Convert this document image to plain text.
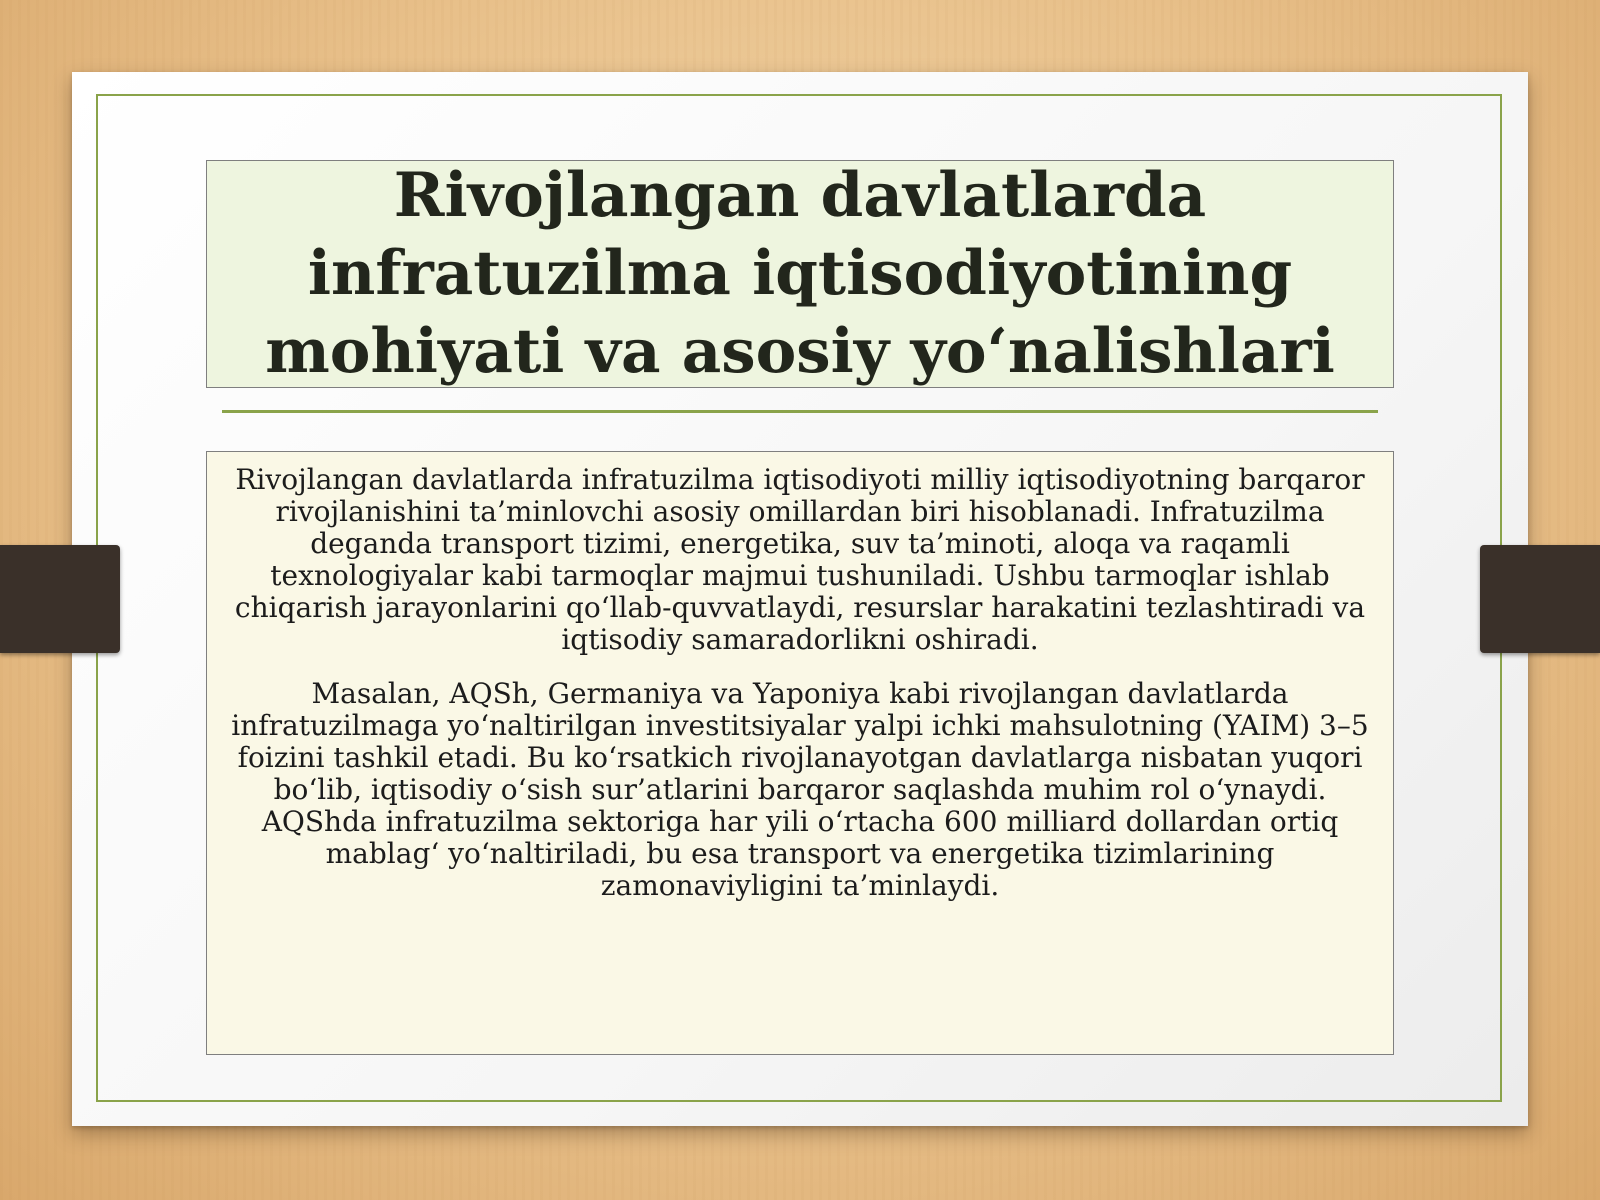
Rivojlangan davlatlarda infratuzilma iqtisodiyotining mohiyati va asosiy yo‘nalishlari

Rivojlangan davlatlarda infratuzilma iqtisodiyoti milliy iqtisodiyotning barqaror rivojlanishini ta’minlovchi asosiy omillardan biri hisoblanadi. Infratuzilma deganda transport tizimi, energetika, suv ta’minoti, aloqa va raqamli texnologiyalar kabi tarmoqlar majmui tushuniladi. Ushbu tarmoqlar ishlab chiqarish jarayonlarini qo‘llab-quvvatlaydi, resurslar harakatini tezlashtiradi va iqtisodiy samaradorlikni oshiradi.

Masalan, AQSh, Germaniya va Yaponiya kabi rivojlangan davlatlarda infratuzilmaga yo‘naltirilgan investitsiyalar yalpi ichki mahsulotning (YAIM) 3–5 foizini tashkil etadi. Bu ko‘rsatkich rivojlanayotgan davlatlarga nisbatan yuqori bo‘lib, iqtisodiy o‘sish sur’atlarini barqaror saqlashda muhim rol o‘ynaydi. AQShda infratuzilma sektoriga har yili o‘rtacha 600 milliard dollardan ortiq mablag‘ yo‘naltiriladi, bu esa transport va energetika tizimlarining zamonaviyligini ta’minlaydi.
